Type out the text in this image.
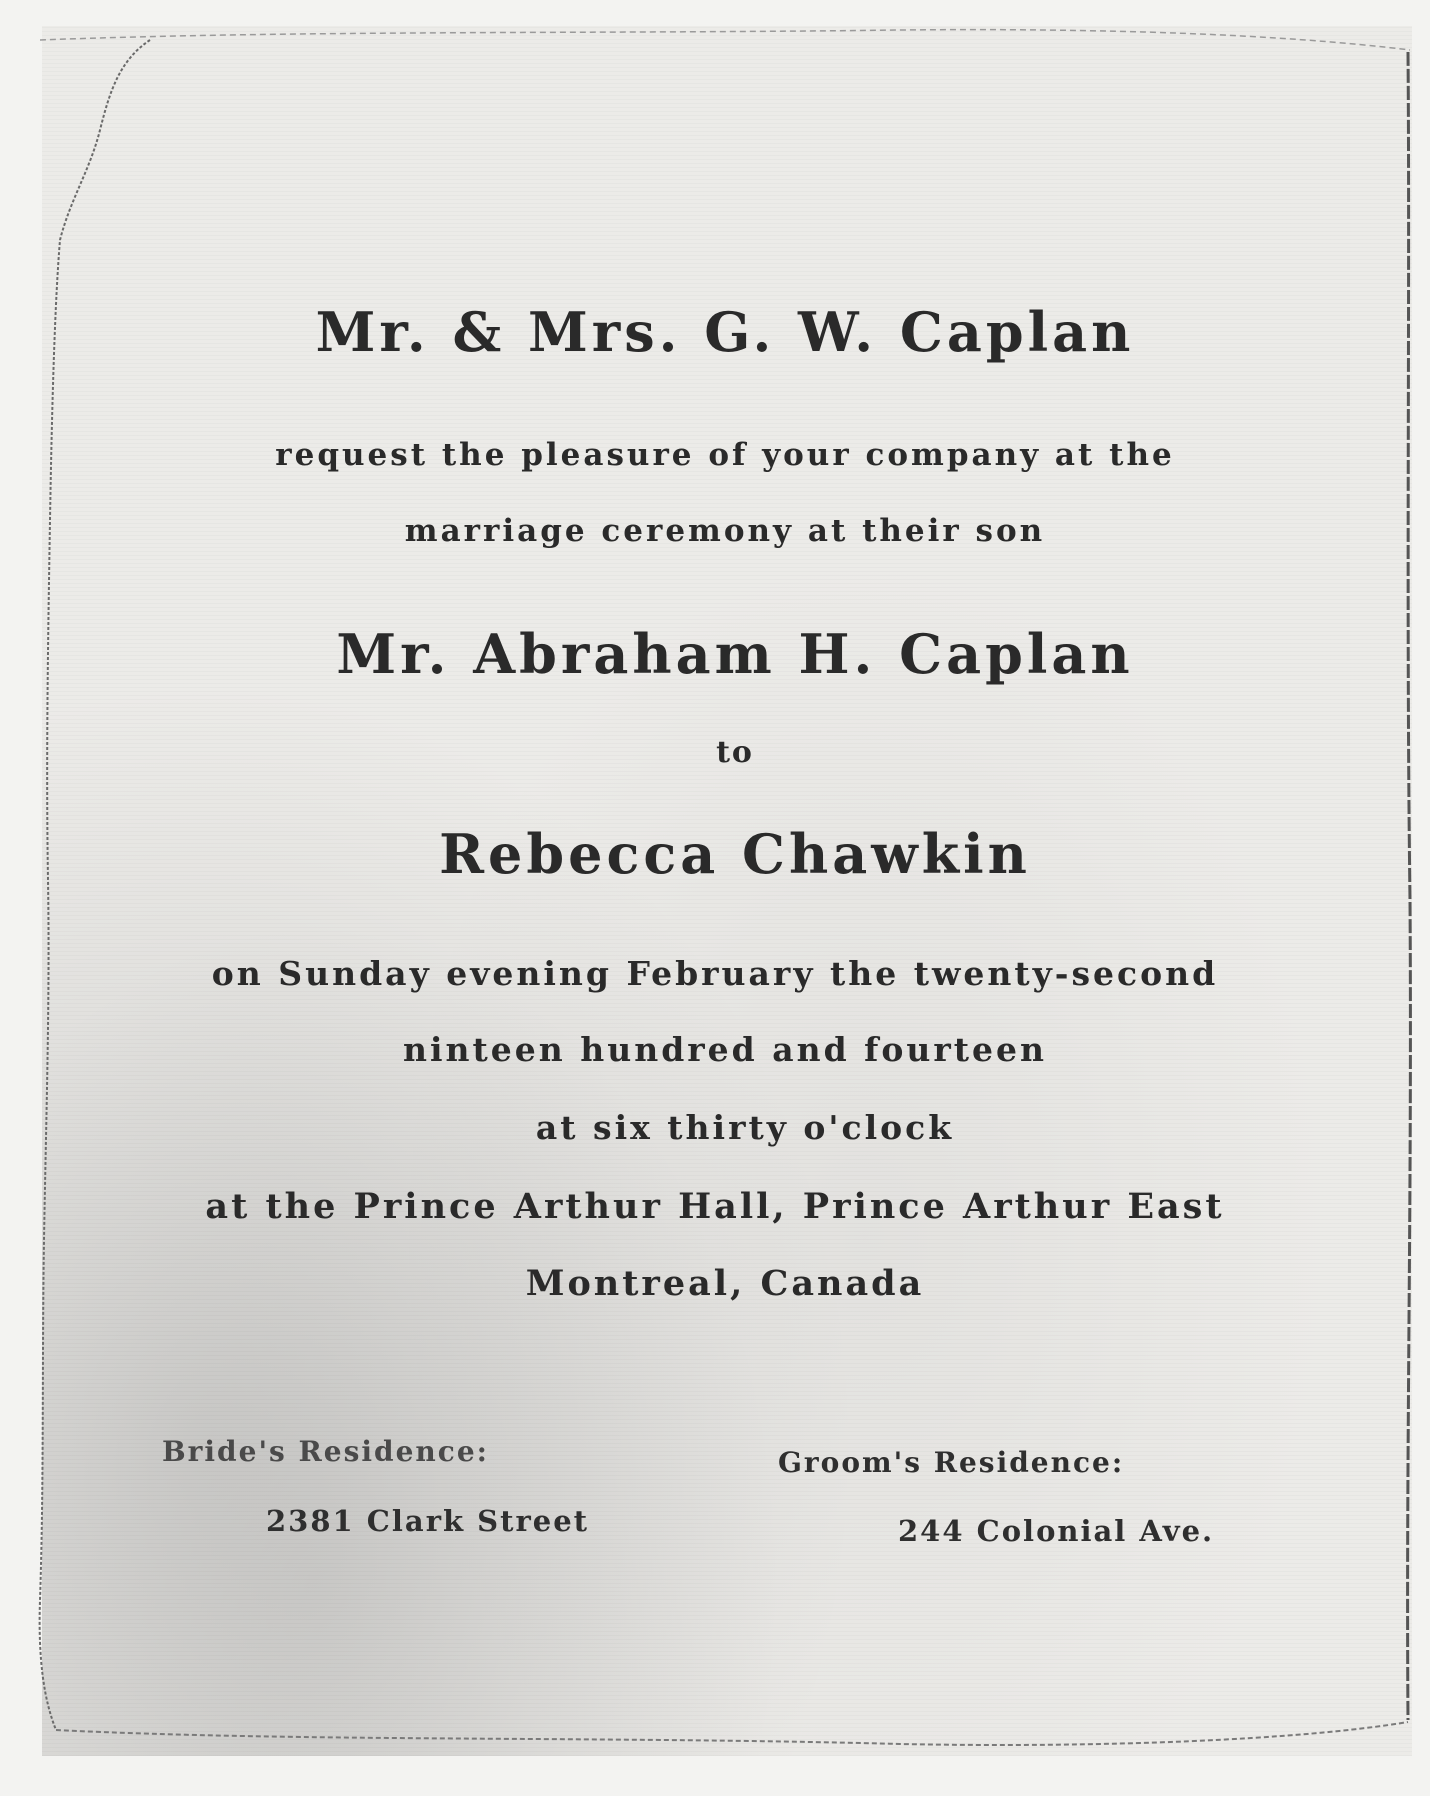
Mr. & Mrs. G. W. Caplan
request the pleasure of your company at the
marriage ceremony at their son
Mr. Abraham H. Caplan
to
Rebecca Chawkin
on Sunday evening February the twenty-second
ninteen hundred and fourteen
at six thirty o'clock
at the Prince Arthur Hall, Prince Arthur East
Montreal, Canada
Bride's Residence:
2381 Clark Street
Groom's Residence:
244 Colonial Ave.
